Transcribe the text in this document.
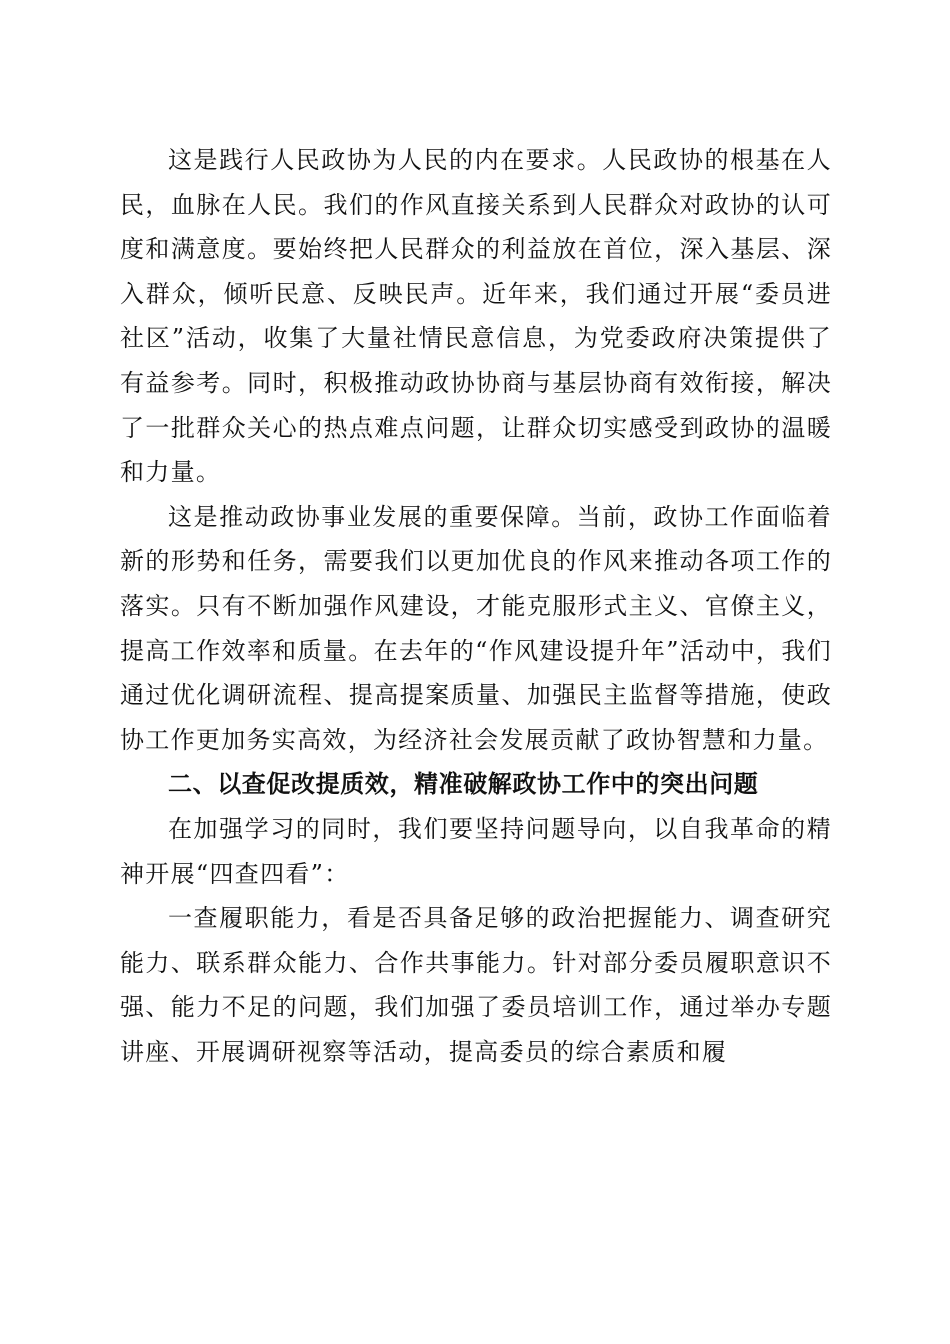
这是践行人民政协为人民的内在要求。人民政协的根基在人民，血脉在人民。我们的作风直接关系到人民群众对政协的认可度和满意度。要始终把人民群众的利益放在首位，深入基层、深入群众，倾听民意、反映民声。近年来，我们通过开展“委员进社区”活动，收集了大量社情民意信息，为党委政府决策提供了有益参考。同时，积极推动政协协商与基层协商有效衔接，解决了一批群众关心的热点难点问题，让群众切实感受到政协的温暖和力量。

这是推动政协事业发展的重要保障。当前，政协工作面临着新的形势和任务，需要我们以更加优良的作风来推动各项工作的落实。只有不断加强作风建设，才能克服形式主义、官僚主义，提高工作效率和质量。在去年的“作风建设提升年”活动中，我们通过优化调研流程、提高提案质量、加强民主监督等措施，使政协工作更加务实高效，为经济社会发展贡献了政协智慧和力量。

二、以查促改提质效，精准破解政协工作中的突出问题

在加强学习的同时，我们要坚持问题导向，以自我革命的精神开展“四查四看”：

一查履职能力，看是否具备足够的政治把握能力、调查研究能力、联系群众能力、合作共事能力。针对部分委员履职意识不强、能力不足的问题，我们加强了委员培训工作，通过举办专题讲座、开展调研视察等活动，提高委员的综合素质和履
